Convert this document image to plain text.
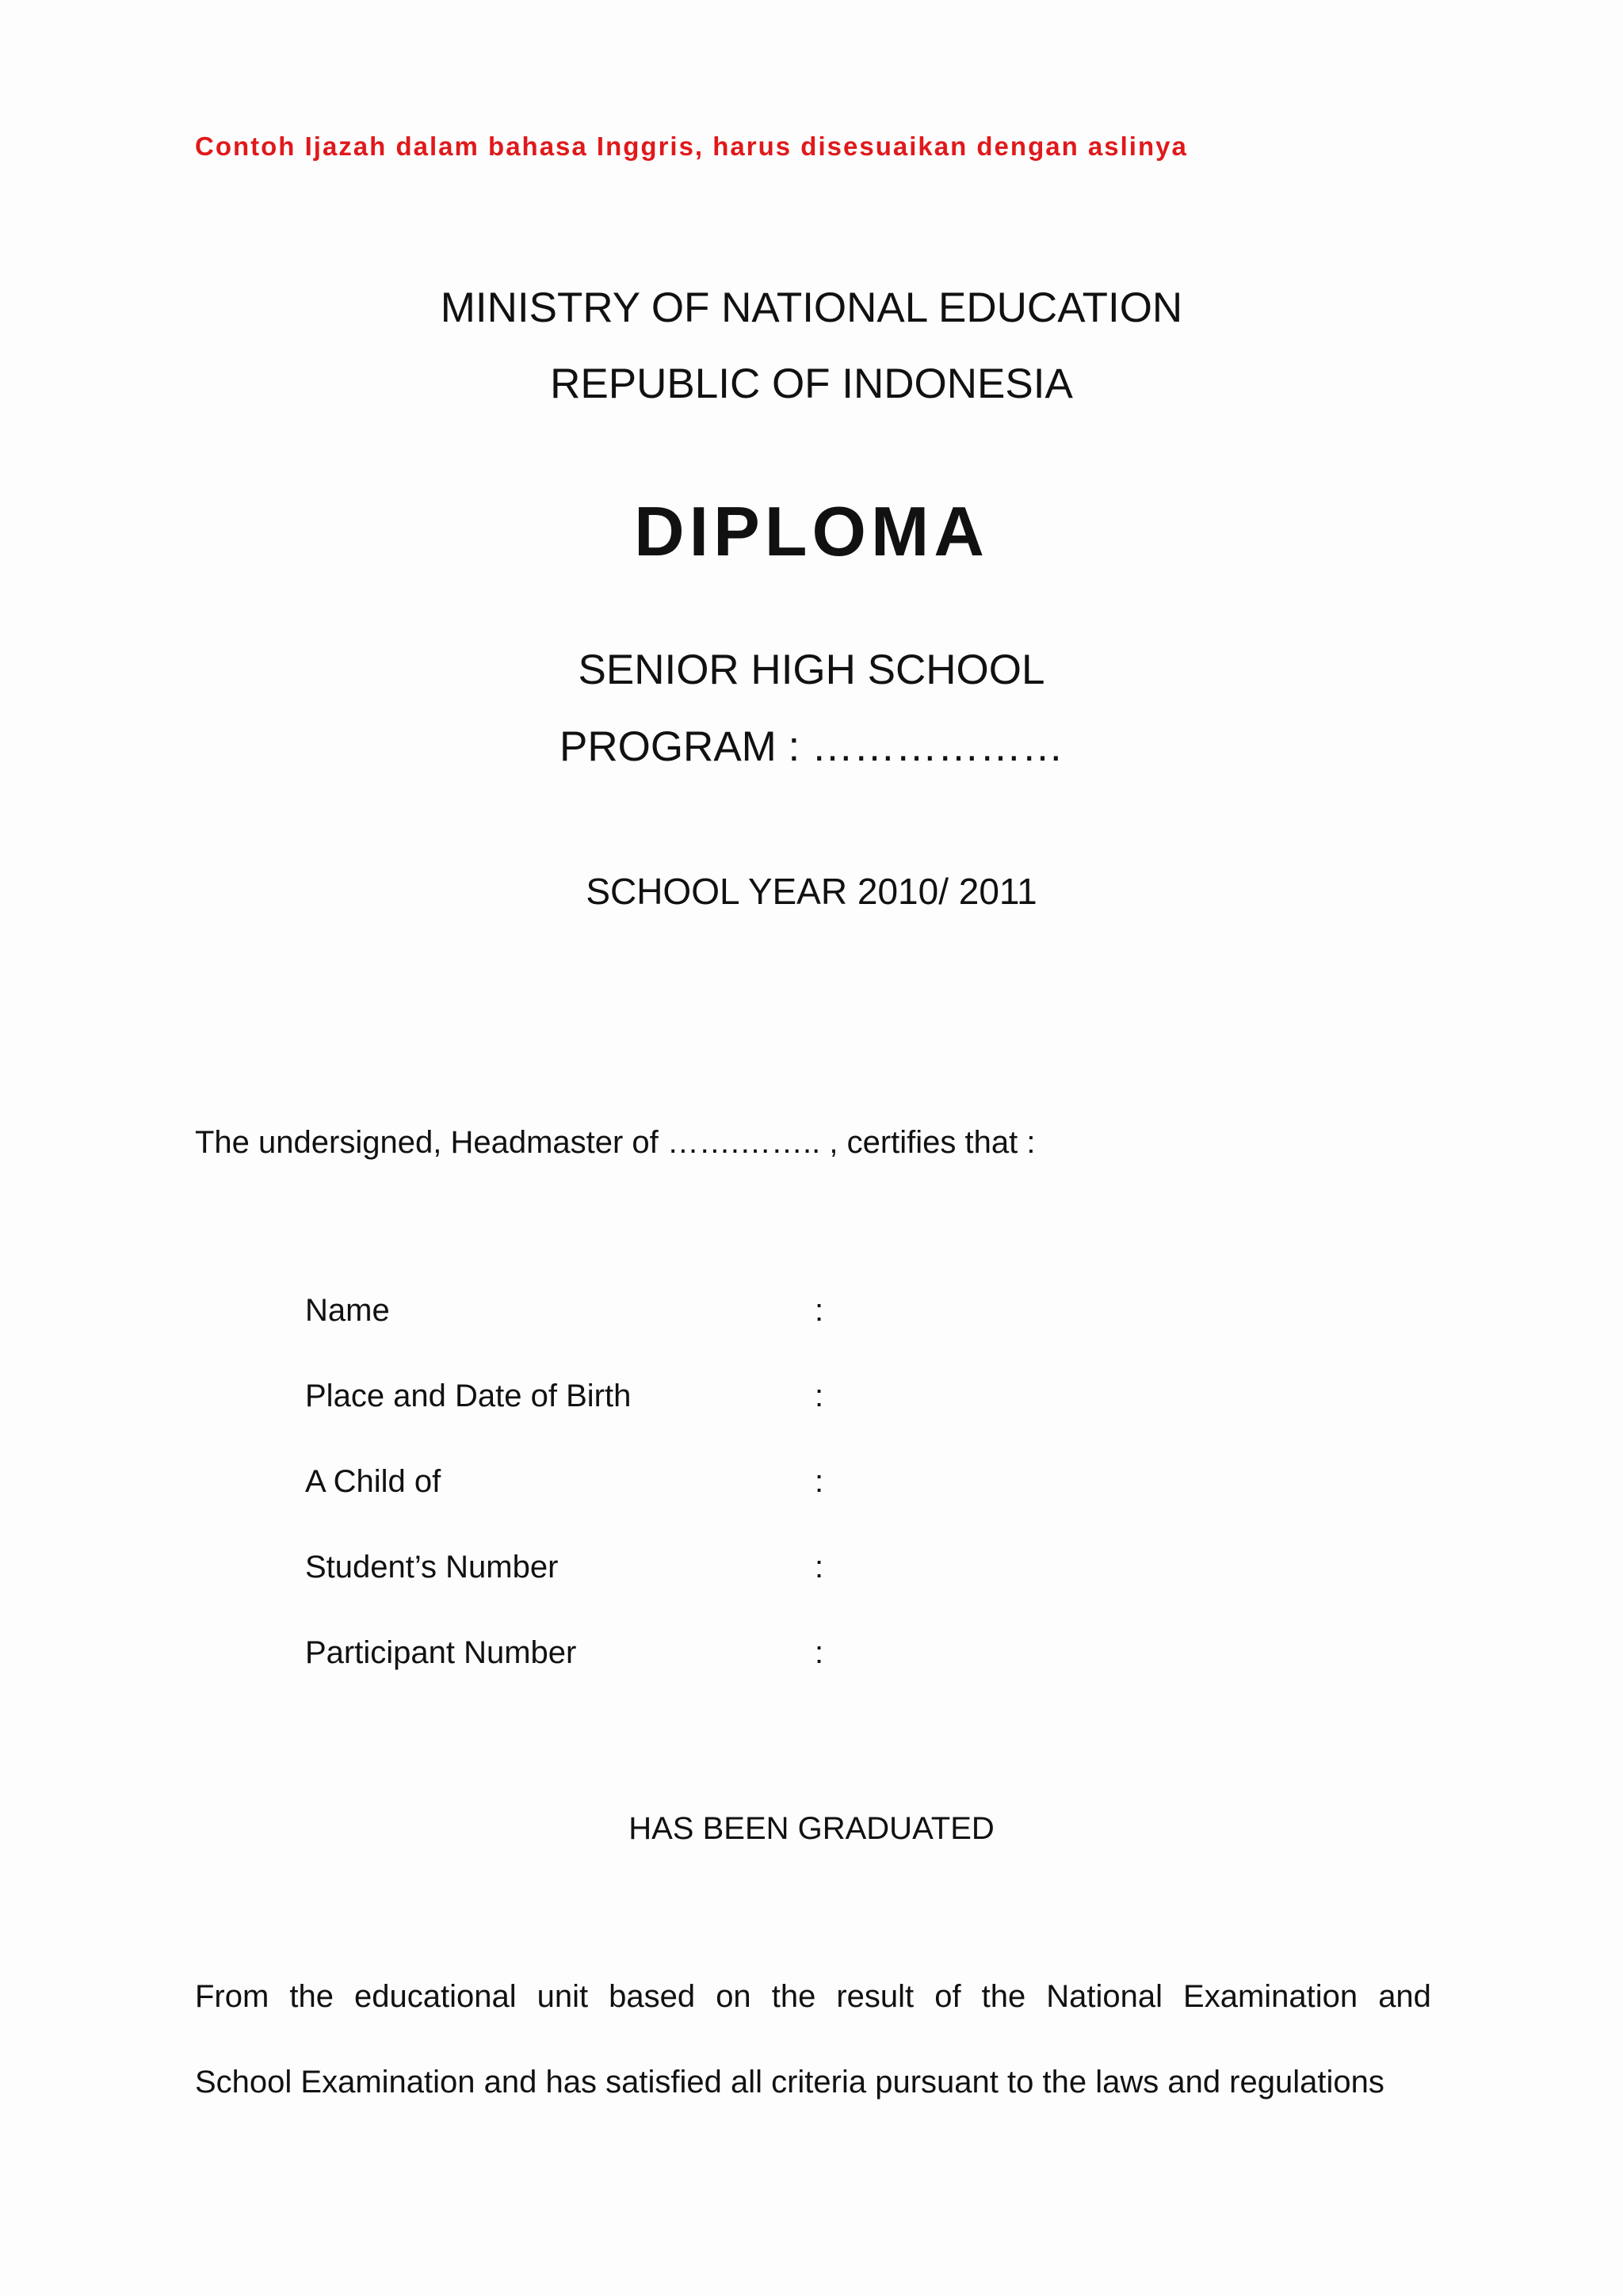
Contoh Ijazah dalam bahasa Inggris, harus disesuaikan dengan aslinya
MINISTRY OF NATIONAL EDUCATION
REPUBLIC OF INDONESIA
DIPLOMA
SENIOR HIGH SCHOOL
PROGRAM : ………………
SCHOOL YEAR 2010/ 2011
The undersigned, Headmaster of …….…….. , certifies that :
Name	:
Place and Date of Birth	:
A Child of	:
Student’s Number	:
Participant Number	:
HAS BEEN GRADUATED
From the educational unit based on the result of the National Examination and
School Examination and has satisfied all criteria pursuant to the laws and regulations
